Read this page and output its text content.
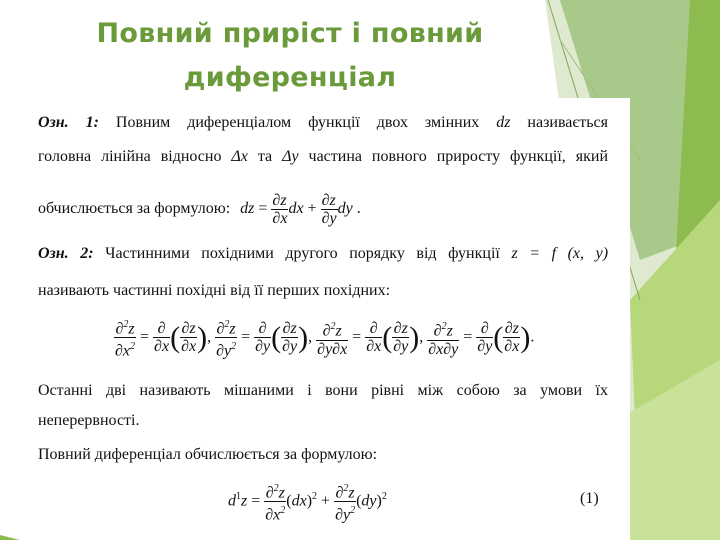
Повний приріст і повний
диференціал
Озн. 1: Повним диференціалом функції двох змінних dz називається
головна лінійна відносно Δx та Δy частина повного приросту функції, який
обчислюється за формулою: dz = $\frac{\partial z}{\partial x}$ dx + $\frac{\partial z}{\partial y}$ dy .
Озн. 2: Частинними похідними другого порядку від функції z = f (x, y)
називають частинні похідні від її перших похідних:
$\frac{\partial^2z}{\partial x^2} = \frac{\partial}{\partial x}$ ( $\frac{\partial z}{\partial x}$ ), $\frac{\partial^2z}{\partial y^2} = \frac{\partial}{\partial y}$ ( $\frac{\partial z}{\partial y}$ ), $\frac{\partial^2z}{\partial y\partial x} = \frac{\partial}{\partial x}$ ( $\frac{\partial z}{\partial y}$ ), $\frac{\partial^2z}{\partial x\partial y} = \frac{\partial}{\partial y}$ ( $\frac{\partial z}{\partial x}$ ).
Останні дві називають мішаними і вони рівні між собою за умови їх
неперервності.
Повний диференціал обчислюється за формулою:
$d^1z = \frac{\partial^2z}{\partial x^2} (dx)^2 + \frac{\partial^2z}{\partial y^2} (dy)^2$	(1)
